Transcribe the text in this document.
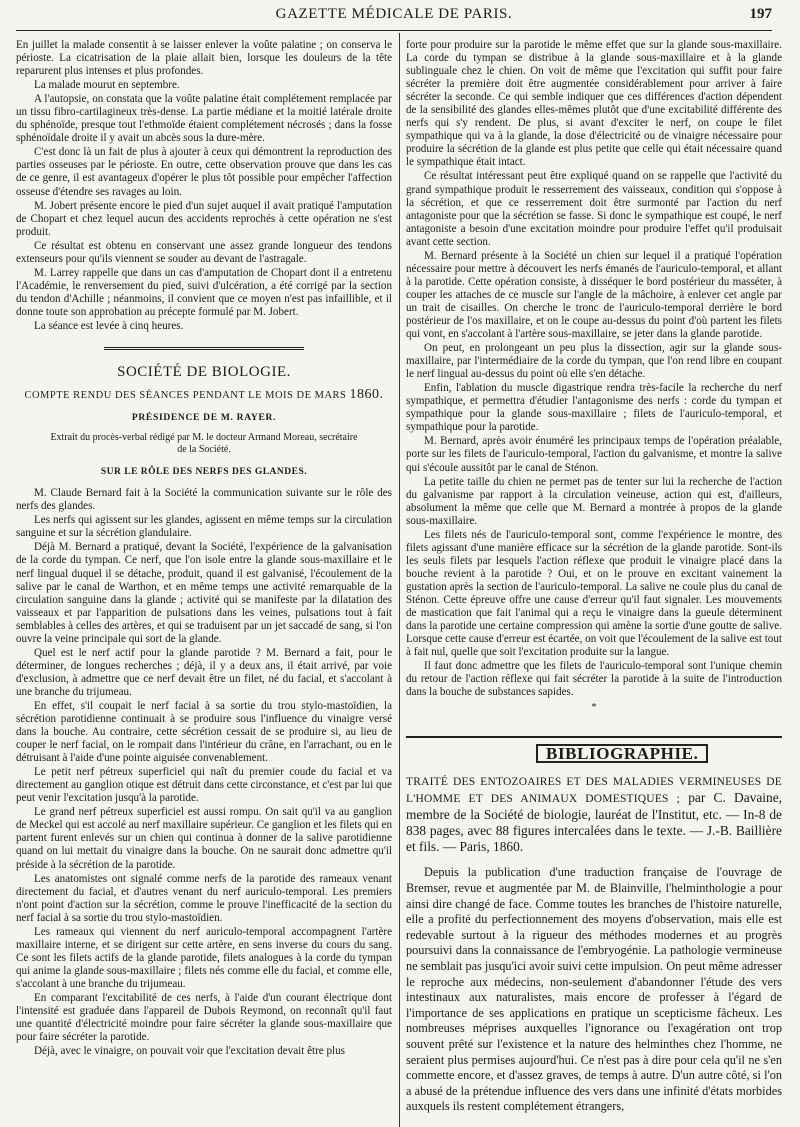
GAZETTE MÉDICALE DE PARIS.	197

En juillet la malade consentit à se laisser enlever la voûte palatine ; on conserva le périoste. La cicatrisation de la plaie allait bien, lorsque les douleurs de la tête reparurent plus intenses et plus profondes.

La malade mourut en septembre.

A l'autopsie, on constata que la voûte palatine était complétement remplacée par un tissu fibro-cartilagineux très-dense. La partie médiane et la moitié latérale droite du sphénoïde, presque tout l'ethmoïde étaient complétement nécrosés ; dans la fosse sphénoïdale droite il y avait un abcès sous la dure-mère.

C'est donc là un fait de plus à ajouter à ceux qui démontrent la reproduction des parties osseuses par le périoste. En outre, cette observation prouve que dans les cas de ce genre, il est avantageux d'opérer le plus tôt possible pour empêcher l'affection osseuse d'étendre ses ravages au loin.

M. Jobert présente encore le pied d'un sujet auquel il avait pratiqué l'amputation de Chopart et chez lequel aucun des accidents reprochés à cette opération ne s'est produit.

Ce résultat est obtenu en conservant une assez grande longueur des tendons extenseurs pour qu'ils viennent se souder au devant de l'astragale.

M. Larrey rappelle que dans un cas d'amputation de Chopart dont il a entretenu l'Académie, le renversement du pied, suivi d'ulcération, a été corrigé par la section du tendon d'Achille ; néanmoins, il convient que ce moyen n'est pas infaillible, et il donne toute son approbation au précepte formulé par M. Jobert.

La séance est levée à cinq heures.

SOCIÉTÉ DE BIOLOGIE.
COMPTE RENDU DES SÉANCES PENDANT LE MOIS DE MARS 1860.
PRÉSIDENCE DE M. RAYER.
Extrait du procès-verbal rédigé par M. le docteur Armand Moreau, secrétaire de la Société.
SUR LE RÔLE DES NERFS DES GLANDES.

M. Claude Bernard fait à la Société la communication suivante sur le rôle des nerfs des glandes.

Les nerfs qui agissent sur les glandes, agissent en même temps sur la circulation sanguine et sur la sécrétion glandulaire.

Déjà M. Bernard a pratiqué, devant la Société, l'expérience de la galvanisation de la corde du tympan. Ce nerf, que l'on isole entre la glande sous-maxillaire et le nerf lingual duquel il se détache, produit, quand il est galvanisé, l'écoulement de la salive par le canal de Warthon, et en même temps une activité remarquable de la circulation sanguine dans la glande ; activité qui se manifeste par la dilatation des vaisseaux et par l'apparition de pulsations dans les veines, pulsations tout à fait semblables à celles des artères, et qui se traduisent par un jet saccadé de sang, si l'on ouvre la veine principale qui sort de la glande.

Quel est le nerf actif pour la glande parotide ? M. Bernard a fait, pour le déterminer, de longues recherches ; déjà, il y a deux ans, il était arrivé, par voie d'exclusion, à admettre que ce nerf devait être un filet, né du facial, et s'accolant à une branche du trijumeau.

En effet, s'il coupait le nerf facial à sa sortie du trou stylo-mastoïdien, la sécrétion parotidienne continuait à se produire sous l'influence du vinaigre versé dans la bouche. Au contraire, cette sécrétion cessait de se produire si, au lieu de couper le nerf facial, on le rompait dans l'intérieur du crâne, en l'arrachant, ou en le détruisant à l'aide d'une pointe aiguisée convenablement.

Le petit nerf pétreux superficiel qui naît du premier coude du facial et va directement au ganglion otique est détruit dans cette circonstance, et c'est par lui que peut venir l'excitation jusqu'à la parotide.

Le grand nerf pétreux superficiel est aussi rompu. On sait qu'il va au ganglion de Meckel qui est accolé au nerf maxillaire supérieur. Ce ganglion et les filets qui en partent furent enlevés sur un chien qui continua à donner de la salive parotidienne quand on lui mettait du vinaigre dans la bouche. On ne saurait donc admettre qu'il préside à la sécrétion de la parotide.

Les anatomistes ont signalé comme nerfs de la parotide des rameaux venant directement du facial, et d'autres venant du nerf auriculo-temporal. Les premiers n'ont point d'action sur la sécrétion, comme le prouve l'inefficacité de la section du nerf facial à sa sortie du trou stylo-mastoïdien.

Les rameaux qui viennent du nerf auriculo-temporal accompagnent l'artère maxillaire interne, et se dirigent sur cette artère, en sens inverse du cours du sang. Ce sont les filets actifs de la glande parotide, filets analogues à la corde du tympan qui anime la glande sous-maxillaire ; filets nés comme elle du facial, et comme elle, s'accolant à une branche du trijumeau.

En comparant l'excitabilité de ces nerfs, à l'aide d'un courant électrique dont l'intensité est graduée dans l'appareil de Dubois Reymond, on reconnaît qu'il faut une quantité d'électricité moindre pour faire sécréter la glande sous-maxillaire que pour faire sécréter la parotide.

Déjà, avec le vinaigre, on pouvait voir que l'excitation devait être plus

forte pour produire sur la parotide le même effet que sur la glande sous-maxillaire. La corde du tympan se distribue à la glande sous-maxillaire et à la glande sublinguale chez le chien. On voit de même que l'excitation qui suffit pour faire sécréter la première doit être augmentée considérablement pour arriver à faire sécréter la seconde. Ce qui semble indiquer que ces différences d'action dépendent de la sensibilité des glandes elles-mêmes plutôt que d'une excitabilité différente des nerfs qui s'y rendent. De plus, si avant d'exciter le nerf, on coupe le filet sympathique qui va à la glande, la dose d'électricité ou de vinaigre nécessaire pour produire la sécrétion de la glande est plus petite que celle qui était nécessaire quand le sympathique était intact.

Ce résultat intéressant peut être expliqué quand on se rappelle que l'activité du grand sympathique produit le resserrement des vaisseaux, condition qui s'oppose à la sécrétion, et que ce resserrement doit être surmonté par l'action du nerf antagoniste pour que la sécrétion se fasse. Si donc le sympathique est coupé, le nerf antagoniste a besoin d'une excitation moindre pour produire l'effet qu'il produisait avant cette section.

M. Bernard présente à la Société un chien sur lequel il a pratiqué l'opération nécessaire pour mettre à découvert les nerfs émanés de l'auriculo-temporal, et allant à la parotide. Cette opération consiste, à disséquer le bord postérieur du masséter, à couper les attaches de ce muscle sur l'angle de la mâchoire, à enlever cet angle par un trait de cisailles. On cherche le tronc de l'auriculo-temporal derrière le bord postérieur de l'os maxillaire, et on le coupe au-dessus du point d'où partent les filets qui vont, en s'accolant à l'artère sous-maxillaire, se jeter dans la glande parotide.

On peut, en prolongeant un peu plus la dissection, agir sur la glande sous-maxillaire, par l'intermédiaire de la corde du tympan, que l'on rend libre en coupant le nerf lingual au-dessus du point où elle s'en détache.

Enfin, l'ablation du muscle digastrique rendra très-facile la recherche du nerf sympathique, et permettra d'étudier l'antagonisme des nerfs : corde du tympan et sympathique pour la glande sous-maxillaire ; filets de l'auriculo-temporal, et sympathique pour la parotide.

M. Bernard, après avoir énuméré les principaux temps de l'opération préalable, porte sur les filets de l'auriculo-temporal, l'action du galvanisme, et montre la salive qui s'écoule aussitôt par le canal de Sténon.

La petite taille du chien ne permet pas de tenter sur lui la recherche de l'action du galvanisme par rapport à la circulation veineuse, action qui est, d'ailleurs, absolument la même que celle que M. Bernard a montrée à propos de la glande sous-maxillaire.

Les filets nés de l'auriculo-temporal sont, comme l'expérience le montre, des filets agissant d'une manière efficace sur la sécrétion de la glande parotide. Sont-ils les seuls filets par lesquels l'action réflexe que produit le vinaigre placé dans la bouche revient à la parotide ? Oui, et on le prouve en excitant vainement la gustation après la section de l'auriculo-temporal. La salive ne coule plus du canal de Sténon. Cette épreuve offre une cause d'erreur qu'il faut signaler. Les mouvements de mastication que fait l'animal qui a reçu le vinaigre dans la gueule déterminent dans la parotide une certaine compression qui amène la sortie d'une goutte de salive. Lorsque cette cause d'erreur est écartée, on voit que l'écoulement de la salive est tout à fait nul, quelle que soit l'excitation produite sur la langue.

Il faut donc admettre que les filets de l'auriculo-temporal sont l'unique chemin du retour de l'action réflexe qui fait sécréter la parotide à la suite de l'introduction dans la bouche de substances sapides.

*
BIBLIOGRAPHIE.
TRAITÉ DES ENTOZOAIRES ET DES MALADIES VERMINEUSES DE L'HOMME ET DES ANIMAUX DOMESTIQUES ; par C. Davaine, membre de la Société de biologie, lauréat de l'Institut, etc. — In-8 de 838 pages, avec 88 figures intercalées dans le texte. — J.-B. Baillière et fils. — Paris, 1860.

Depuis la publication d'une traduction française de l'ouvrage de Bremser, revue et augmentée par M. de Blainville, l'helminthologie a pour ainsi dire changé de face. Comme toutes les branches de l'histoire naturelle, elle a profité du perfectionnement des moyens d'observation, mais elle est redevable surtout à la rigueur des méthodes modernes et au progrès poursuivi dans la connaissance de l'embryogénie. La pathologie vermineuse ne semblait pas jusqu'ici avoir suivi cette impulsion. On peut même adresser le reproche aux médecins, non-seulement d'abandonner l'étude des vers intestinaux aux naturalistes, mais encore de professer à l'égard de l'importance de ses applications en pratique un scepticisme fâcheux. Les nombreuses méprises auxquelles l'ignorance ou l'exagération ont trop souvent prêté sur l'existence et la nature des helminthes chez l'homme, ne seraient plus permises aujourd'hui. Ce n'est pas à dire pour cela qu'il ne s'en commette encore, et d'assez graves, de temps à autre. D'un autre côté, si l'on a abusé de la prétendue influence des vers dans une infinité d'états morbides auxquels ils restent complétement étrangers,
